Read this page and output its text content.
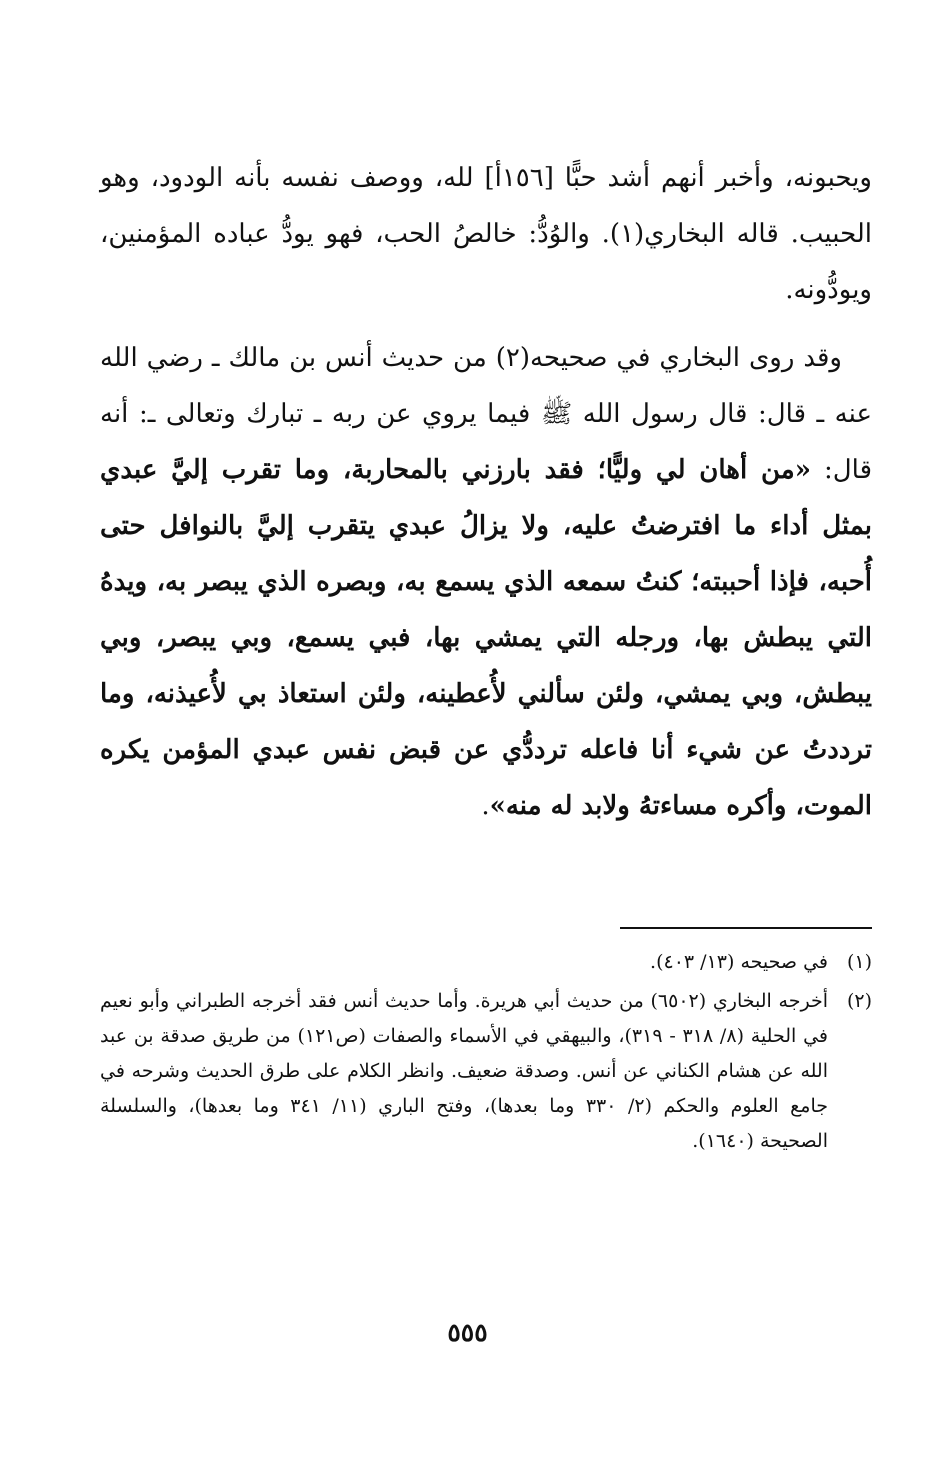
ويحبونه، وأخبر أنهم أشد حبًّا [١٥٦أ] لله، ووصف نفسه بأنه الودود، وهو الحبيب. قاله البخاري(١). والوُدُّ: خالصُ الحب، فهو يودُّ عباده المؤمنين، ويودُّونه.

وقد روى البخاري في صحيحه(٢) من حديث أنس بن مالك ـ رضي الله عنه ـ قال: قال رسول الله ﷺ فيما يروي عن ربه ـ تبارك وتعالى ـ: أنه قال: «من أهان لي وليًّا؛ فقد بارزني بالمحاربة، وما تقرب إليَّ عبدي بمثل أداء ما افترضتُ عليه، ولا يزالُ عبدي يتقرب إليَّ بالنوافل حتى أُحبه، فإذا أحببته؛ كنتُ سمعه الذي يسمع به، وبصره الذي يبصر به، ويدهُ التي يبطش بها، ورجله التي يمشي بها، فبي يسمع، وبي يبصر، وبي يبطش، وبي يمشي، ولئن سألني لأُعطينه، ولئن استعاذ بي لأُعيذنه، وما ترددتُ عن شيء أنا فاعله ترددُّي عن قبض نفس عبدي المؤمن يكره الموت، وأكره مساءتهُ ولابد له منه».

(١)
في صحيحه (١٣/ ٤٠٣).
(٢)
أخرجه البخاري (٦٥٠٢) من حديث أبي هريرة. وأما حديث أنس فقد أخرجه الطبراني وأبو نعيم في الحلية (٨/ ٣١٨ - ٣١٩)، والبيهقي في الأسماء والصفات (ص١٢١) من طريق صدقة بن عبد الله عن هشام الكناني عن أنس. وصدقة ضعيف. وانظر الكلام على طرق الحديث وشرحه في جامع العلوم والحكم (٢/ ٣٣٠ وما بعدها)، وفتح الباري (١١/ ٣٤١ وما بعدها)، والسلسلة الصحيحة (١٦٤٠).
٥٥٥
